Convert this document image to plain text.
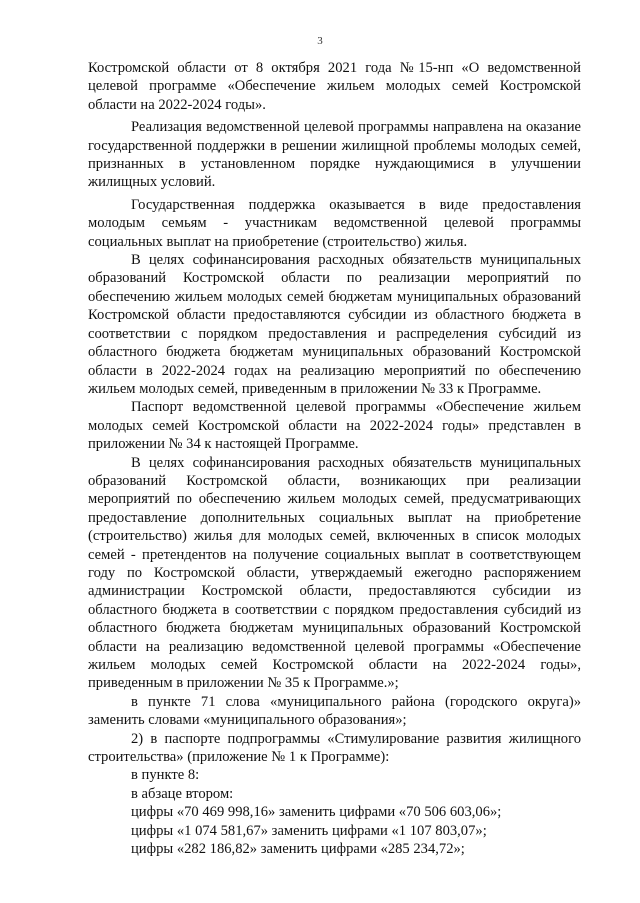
3

Костромской области от 8 октября 2021 года №15-нп «О ведомственной целевой программе «Обеспечение жильем молодых семей Костромской области на 2022-2024 годы».

Реализация ведомственной целевой программы направлена на оказание государственной поддержки в решении жилищной проблемы молодых семей, признанных в установленном порядке нуждающимися в улучшении жилищных условий.

Государственная поддержка оказывается в виде предоставления молодым семьям - участникам ведомственной целевой программы социальных выплат на приобретение (строительство) жилья.

В целях софинансирования расходных обязательств муниципальных образований Костромской области по реализации мероприятий по обеспечению жильем молодых семей бюджетам муниципальных образований Костромской области предоставляются субсидии из областного бюджета в соответствии с порядком предоставления и распределения субсидий из областного бюджета бюджетам муниципальных образований Костромской области в 2022-2024 годах на реализацию мероприятий по обеспечению жильем молодых семей, приведенным в приложении № 33 к Программе.

Паспорт ведомственной целевой программы «Обеспечение жильем молодых семей Костромской области на 2022-2024 годы» представлен в приложении № 34 к настоящей Программе.

В целях софинансирования расходных обязательств муниципальных образований Костромской области, возникающих при реализации мероприятий по обеспечению жильем молодых семей, предусматривающих предоставление дополнительных социальных выплат на приобретение (строительство) жилья для молодых семей, включенных в список молодых семей - претендентов на получение социальных выплат в соответствующем году по Костромской области, утверждаемый ежегодно распоряжением администрации Костромской области, предоставляются субсидии из областного бюджета в соответствии с порядком предоставления субсидий из областного бюджета бюджетам муниципальных образований Костромской области на реализацию ведомственной целевой программы «Обеспечение жильем молодых семей Костромской области на 2022-2024 годы», приведенным в приложении № 35 к Программе.»;

в пункте 71 слова «муниципального района (городского округа)» заменить словами «муниципального образования»;

2) в паспорте подпрограммы «Стимулирование развития жилищного строительства» (приложение № 1 к Программе):

в пункте 8:

в абзаце втором:

цифры «70 469 998,16» заменить цифрами «70 506 603,06»;

цифры «1 074 581,67» заменить цифрами «1 107 803,07»;

цифры «282 186,82» заменить цифрами «285 234,72»;
